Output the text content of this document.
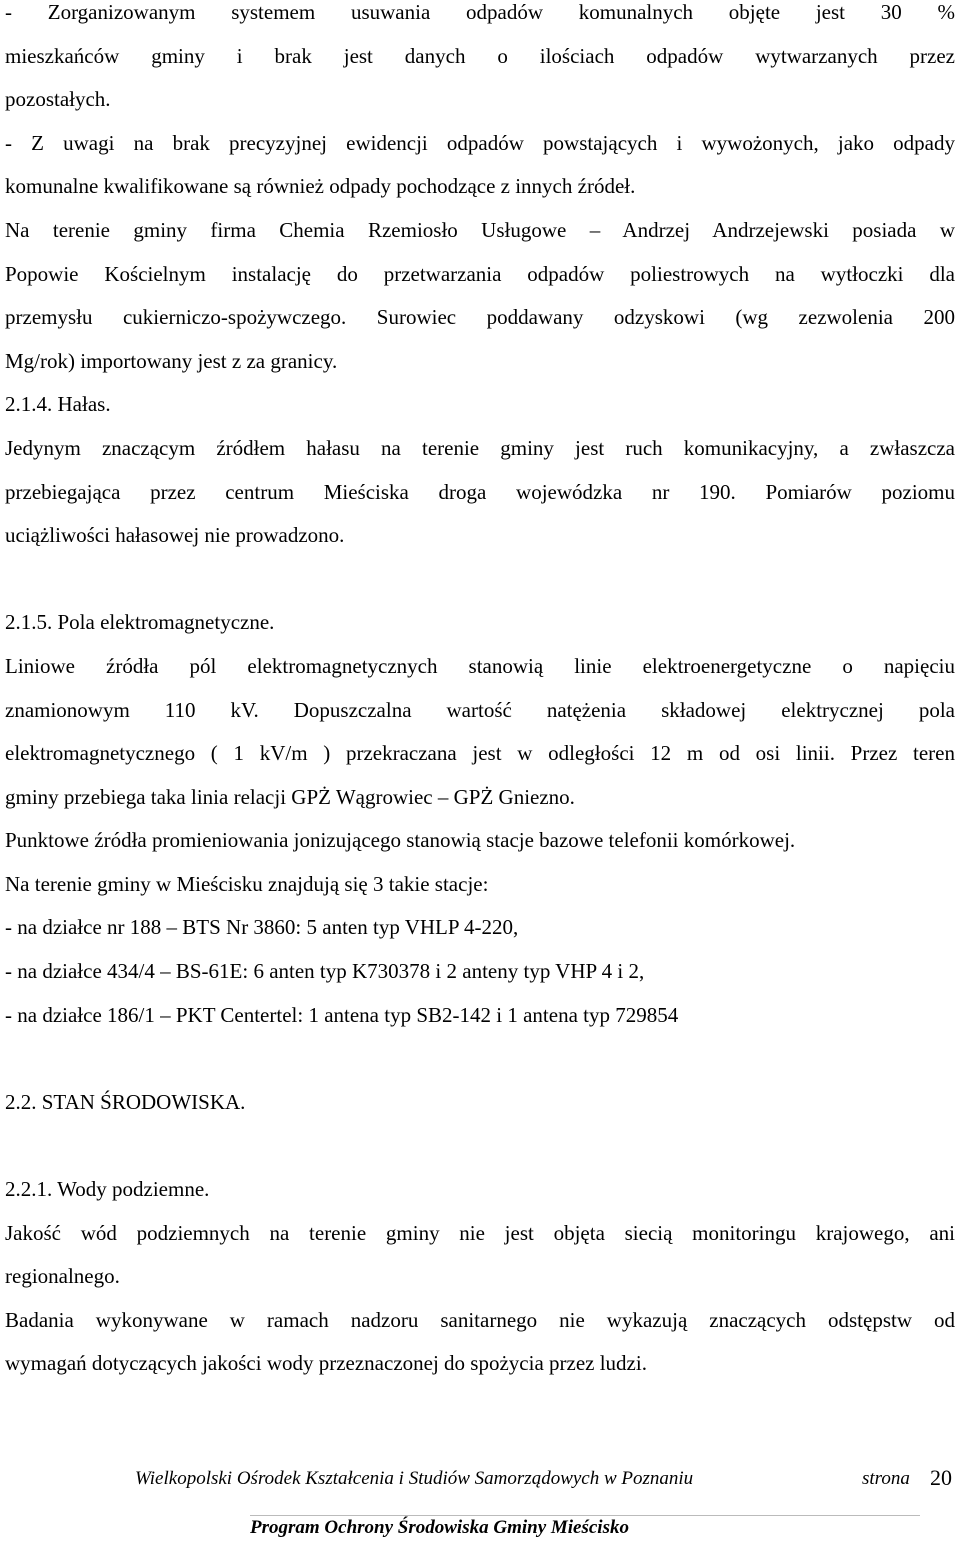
- Zorganizowanym systemem usuwania odpadów komunalnych objęte jest 30 %

mieszkańców gminy i brak jest danych o ilościach odpadów wytwarzanych przez

pozostałych.

- Z uwagi na brak precyzyjnej ewidencji odpadów powstających i wywożonych, jako odpady

komunalne kwalifikowane są również odpady pochodzące z innych źródeł.

Na terenie gminy firma Chemia Rzemiosło Usługowe – Andrzej Andrzejewski posiada w

Popowie Kościelnym instalację do przetwarzania odpadów poliestrowych na wytłoczki dla

przemysłu cukierniczo-spożywczego. Surowiec poddawany odzyskowi (wg zezwolenia 200

Mg/rok) importowany jest z za granicy.

2.1.4. Hałas.

Jedynym znaczącym źródłem hałasu na terenie gminy jest ruch komunikacyjny, a zwłaszcza

przebiegająca przez centrum Mieściska droga wojewódzka nr 190. Pomiarów poziomu

uciążliwości hałasowej nie prowadzono.

2.1.5. Pola elektromagnetyczne.

Liniowe źródła pól elektromagnetycznych stanowią linie elektroenergetyczne o napięciu

znamionowym 110 kV. Dopuszczalna wartość natężenia składowej elektrycznej pola

elektromagnetycznego ( 1 kV/m ) przekraczana jest w odległości 12 m od osi linii. Przez teren

gminy przebiega taka linia relacji GPŻ Wągrowiec – GPŻ Gniezno.

Punktowe źródła promieniowania jonizującego stanowią stacje bazowe telefonii komórkowej.

Na terenie gminy w Mieścisku znajdują się 3 takie stacje:

- na działce nr 188 – BTS Nr 3860: 5 anten typ VHLP 4-220,

- na działce 434/4 – BS-61E: 6 anten typ K730378 i 2 anteny typ VHP 4 i 2,

- na działce 186/1 – PKT Centertel: 1 antena typ SB2-142 i 1 antena typ 729854

2.2. STAN ŚRODOWISKA.

2.2.1. Wody podziemne.

Jakość wód podziemnych na terenie gminy nie jest objęta siecią monitoringu krajowego, ani

regionalnego.

Badania wykonywane w ramach nadzoru sanitarnego nie wykazują znaczących odstępstw od

wymagań dotyczących jakości wody przeznaczonej do spożycia przez ludzi.

Wielkopolski Ośrodek Kształcenia i Studiów Samorządowych w Poznaniu	strona 20
Program Ochrony Środowiska Gminy Mieścisko
